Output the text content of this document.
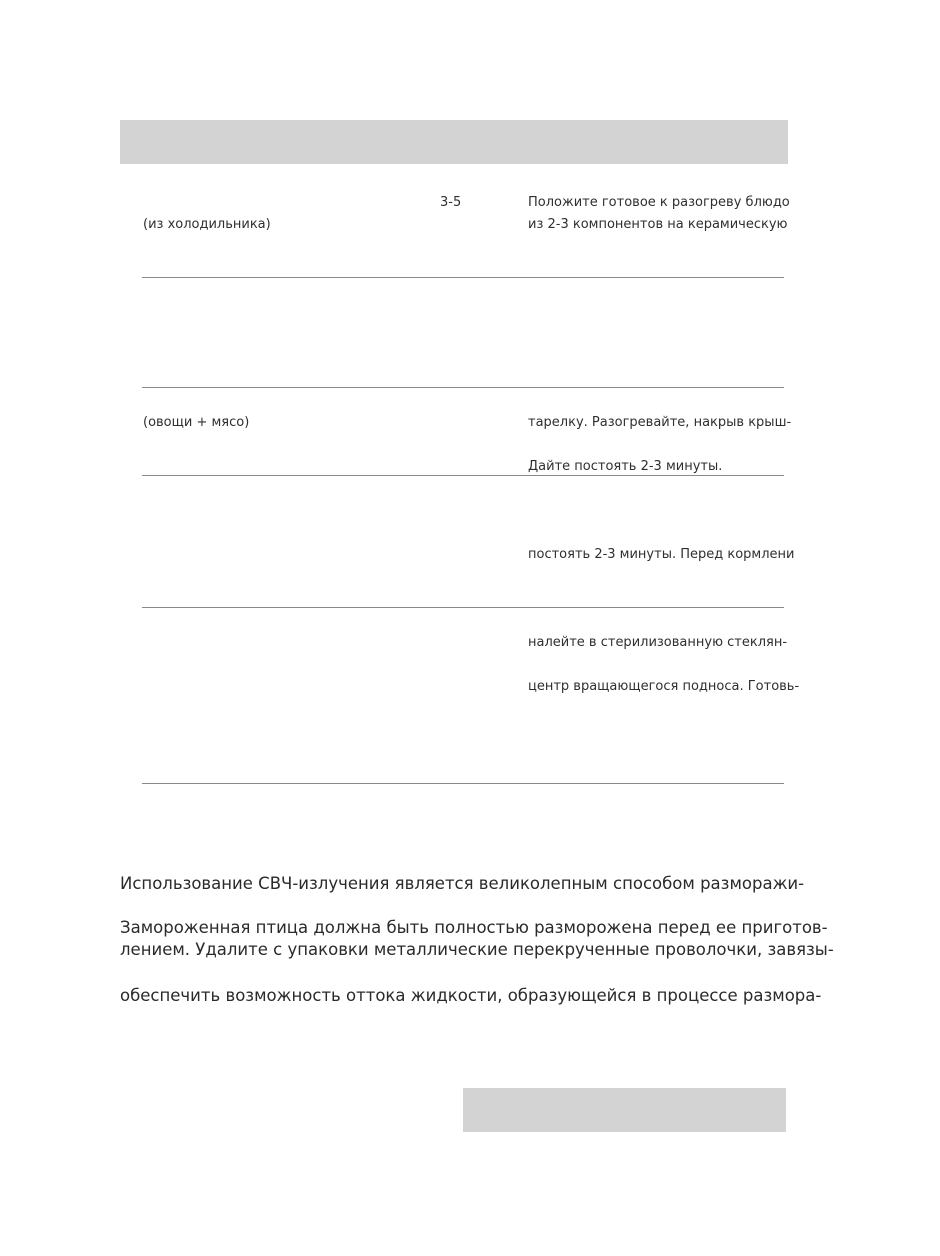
(из холодильника)
3-5	Положите готовое к разогреву блюдо
из 2-3 компонентов на керамическую
(овощи + мясо)	тарелку. Разогревайте, накрыв крыш-
Дайте постоять 2-3 минуты.
постоять 2-3 минуты. Перед кормлени
налейте в стерилизованную стеклян-
центр вращающегося подноса. Готовь-
Использование СВЧ-излучения является великолепным способом разморажи-
Замороженная птица должна быть полностью разморожена перед ее приготов-
лением. Удалите с упаковки металлические перекрученные проволочки, завязы-
обеспечить возможность оттока жидкости, образующейся в процессе размора-
